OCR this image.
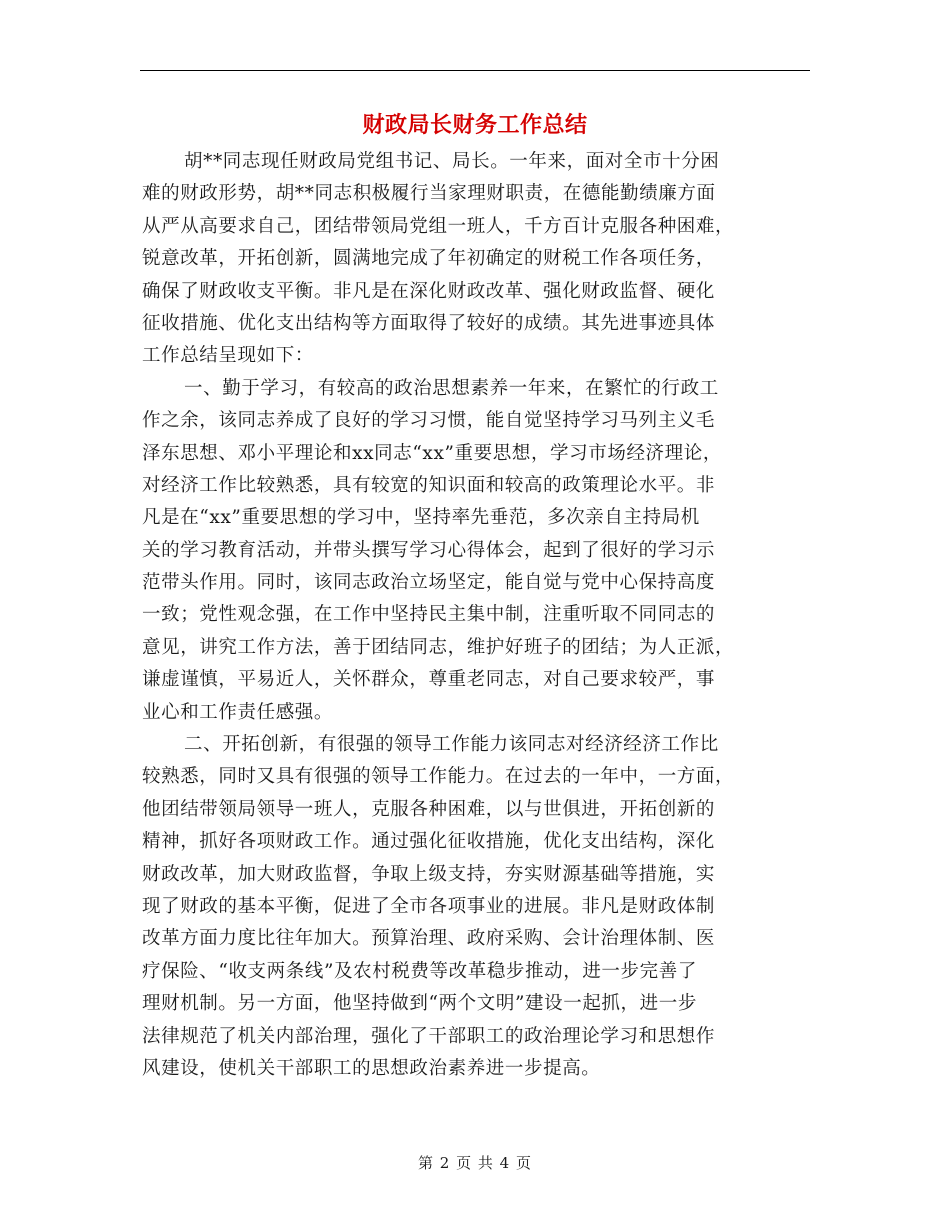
财政局长财务工作总结
胡**同志现任财政局党组书记、局长。一年来，面对全市十分困
难的财政形势，胡**同志积极履行当家理财职责，在德能勤绩廉方面
从严从高要求自己，团结带领局党组一班人，千方百计克服各种困难，
锐意改革，开拓创新，圆满地完成了年初确定的财税工作各项任务，
确保了财政收支平衡。非凡是在深化财政改革、强化财政监督、硬化
征收措施、优化支出结构等方面取得了较好的成绩。其先进事迹具体
工作总结呈现如下：
一、勤于学习，有较高的政治思想素养一年来，在繁忙的行政工
作之余，该同志养成了良好的学习习惯，能自觉坚持学习马列主义毛
泽东思想、邓小平理论和xx同志“xx”重要思想，学习市场经济理论，
对经济工作比较熟悉，具有较宽的知识面和较高的政策理论水平。非
凡是在“xx”重要思想的学习中，坚持率先垂范，多次亲自主持局机
关的学习教育活动，并带头撰写学习心得体会，起到了很好的学习示
范带头作用。同时，该同志政治立场坚定，能自觉与党中心保持高度
一致；党性观念强，在工作中坚持民主集中制，注重听取不同同志的
意见，讲究工作方法，善于团结同志，维护好班子的团结；为人正派，
谦虚谨慎，平易近人，关怀群众，尊重老同志，对自己要求较严，事
业心和工作责任感强。
二、开拓创新，有很强的领导工作能力该同志对经济经济工作比
较熟悉，同时又具有很强的领导工作能力。在过去的一年中，一方面，
他团结带领局领导一班人，克服各种困难，以与世俱进，开拓创新的
精神，抓好各项财政工作。通过强化征收措施，优化支出结构，深化
财政改革，加大财政监督，争取上级支持，夯实财源基础等措施，实
现了财政的基本平衡，促进了全市各项事业的进展。非凡是财政体制
改革方面力度比往年加大。预算治理、政府采购、会计治理体制、医
疗保险、“收支两条线”及农村税费等改革稳步推动，进一步完善了
理财机制。另一方面，他坚持做到“两个文明”建设一起抓，进一步
法律规范了机关内部治理，强化了干部职工的政治理论学习和思想作
风建设，使机关干部职工的思想政治素养进一步提高。
第 2 页 共 4 页
